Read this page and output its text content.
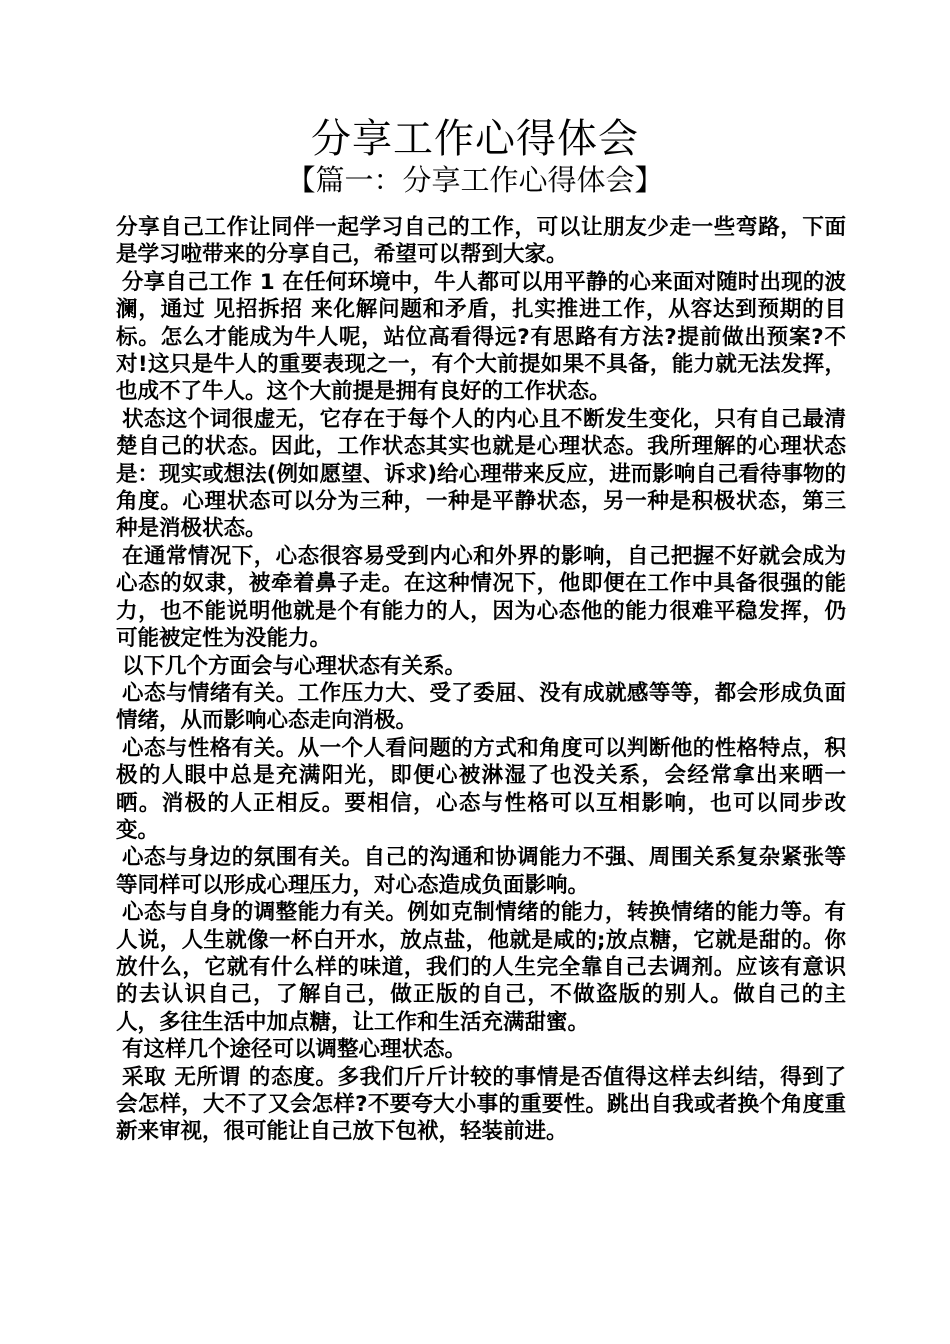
分享工作心得体会
【篇一：分享工作心得体会】

分享自己工作让同伴一起学习自己的工作，可以让朋友少走一些弯路，下面是学习啦带来的分享自己，希望可以帮到大家。

分享自己工作 1 在任何环境中，牛人都可以用平静的心来面对随时出现的波澜，通过 见招拆招 来化解问题和矛盾，扎实推进工作，从容达到预期的目标。怎么才能成为牛人呢，站位高看得远?有思路有方法?提前做出预案?不对!这只是牛人的重要表现之一，有个大前提如果不具备，能力就无法发挥，也成不了牛人。这个大前提是拥有良好的工作状态。

状态这个词很虚无，它存在于每个人的内心且不断发生变化，只有自己最清楚自己的状态。因此，工作状态其实也就是心理状态。我所理解的心理状态是：现实或想法(例如愿望、诉求)给心理带来反应，进而影响自己看待事物的角度。心理状态可以分为三种，一种是平静状态，另一种是积极状态，第三种是消极状态。

在通常情况下，心态很容易受到内心和外界的影响，自己把握不好就会成为心态的奴隶，被牵着鼻子走。在这种情况下，他即便在工作中具备很强的能力，也不能说明他就是个有能力的人，因为心态他的能力很难平稳发挥，仍可能被定性为没能力。

以下几个方面会与心理状态有关系。

心态与情绪有关。工作压力大、受了委屈、没有成就感等等，都会形成负面情绪，从而影响心态走向消极。

心态与性格有关。从一个人看问题的方式和角度可以判断他的性格特点，积极的人眼中总是充满阳光，即便心被淋湿了也没关系，会经常拿出来晒一晒。消极的人正相反。要相信，心态与性格可以互相影响，也可以同步改变。

心态与身边的氛围有关。自己的沟通和协调能力不强、周围关系复杂紧张等等同样可以形成心理压力，对心态造成负面影响。

心态与自身的调整能力有关。例如克制情绪的能力，转换情绪的能力等。有人说，人生就像一杯白开水，放点盐，他就是咸的;放点糖，它就是甜的。你放什么，它就有什么样的味道，我们的人生完全靠自己去调剂。应该有意识的去认识自己，了解自己，做正版的自己，不做盗版的别人。做自己的主人，多往生活中加点糖，让工作和生活充满甜蜜。

有这样几个途径可以调整心理状态。

采取 无所谓 的态度。多我们斤斤计较的事情是否值得这样去纠结，得到了会怎样，大不了又会怎样?不要夸大小事的重要性。跳出自我或者换个角度重新来审视，很可能让自己放下包袱，轻装前进。
